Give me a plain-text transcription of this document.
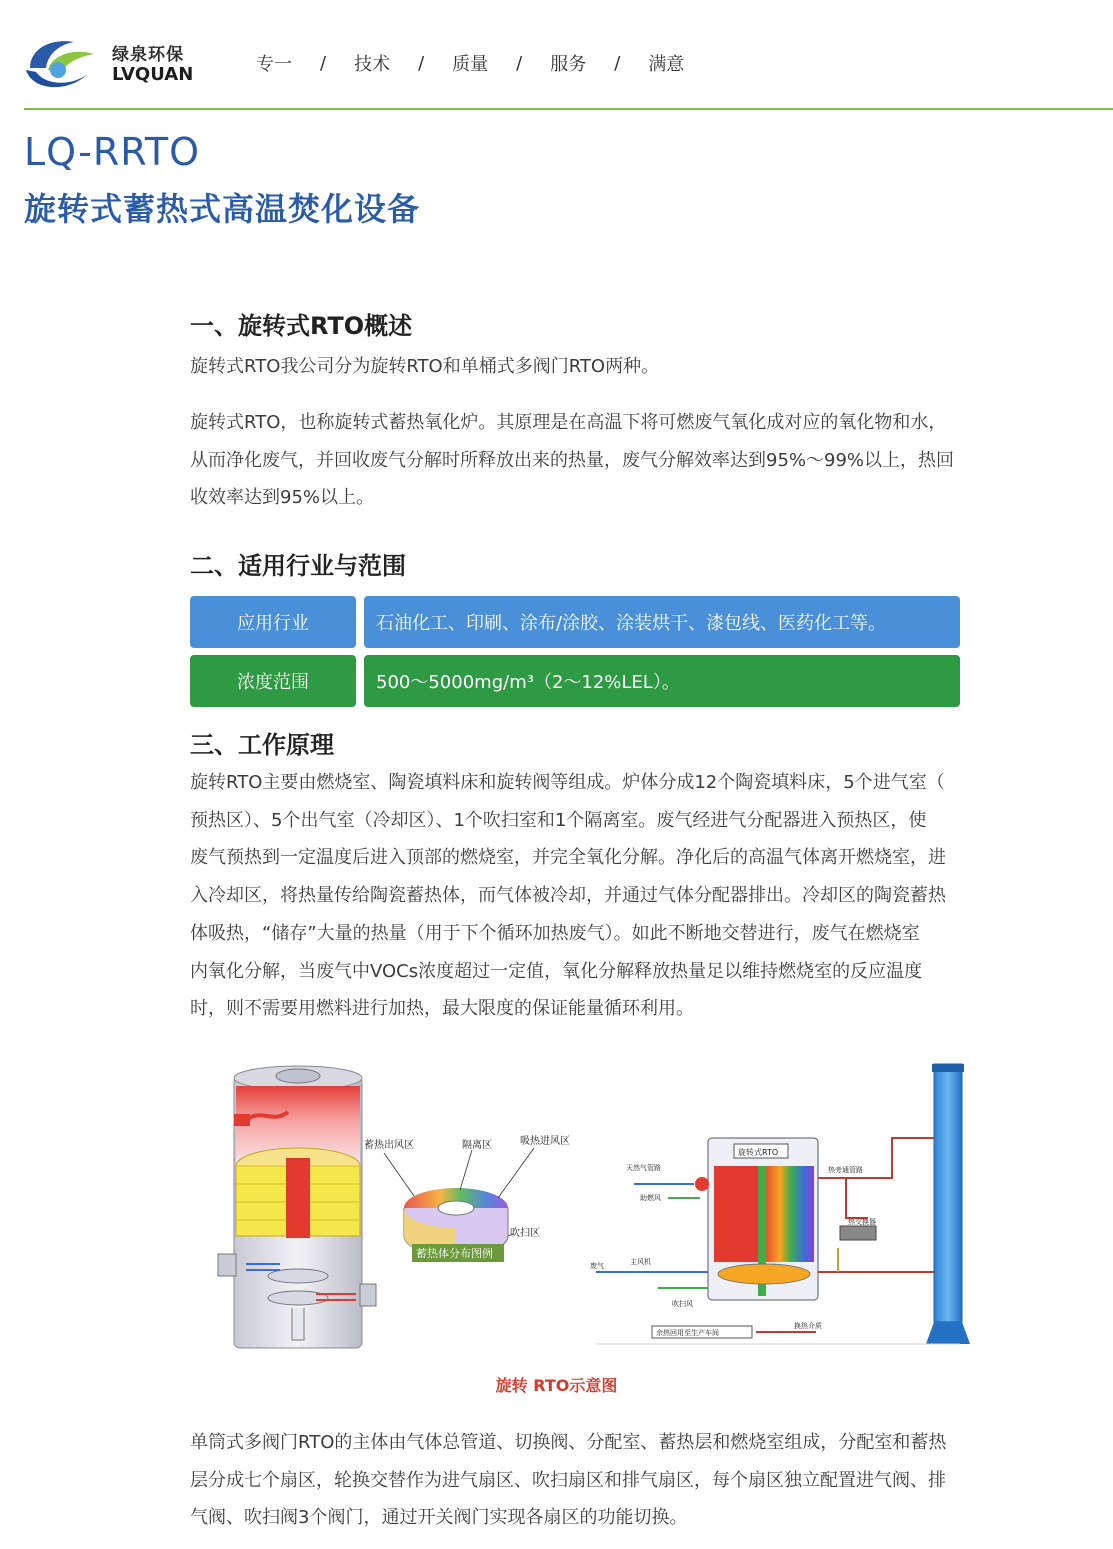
绿泉环保
LVQUAN	专一 / 技术 / 质量 / 服务 / 满意
LQ-RRTO
旋转式蓄热式高温焚化设备
一、旋转式RTO概述
旋转式RTO我公司分为旋转RTO和单桶式多阀门RTO两种。
旋转式RTO，也称旋转式蓄热氧化炉。其原理是在高温下将可燃废气氧化成对应的氧化物和水，
从而净化废气，并回收废气分解时所释放出来的热量，废气分解效率达到95%～99%以上，热回
收效率达到95%以上。
二、适用行业与范围
应用行业	石油化工、印刷、涂布/涂胶、涂装烘干、漆包线、医药化工等。
浓度范围	500～5000mg/m³（2～12%LEL）。
三、工作原理
旋转RTO主要由燃烧室、陶瓷填料床和旋转阀等组成。炉体分成12个陶瓷填料床，5个进气室（
预热区）、5个出气室（冷却区）、1个吹扫室和1个隔离室。废气经进气分配器进入预热区，使
废气预热到一定温度后进入顶部的燃烧室，并完全氧化分解。净化后的高温气体离开燃烧室，进
入冷却区，将热量传给陶瓷蓄热体，而气体被冷却，并通过气体分配器排出。冷却区的陶瓷蓄热
体吸热，“储存”大量的热量（用于下个循环加热废气）。如此不断地交替进行，废气在燃烧室
内氧化分解，当废气中VOCs浓度超过一定值，氧化分解释放热量足以维持燃烧室的反应温度
时，则不需要用燃料进行加热，最大限度的保证能量循环利用。
蓄热出风区	隔离区	吸热进风区
吹扫区
蓄热体分布图例
旋转式RTO
天然气管路
助燃风
热旁通管路
热交换器
废气	主风机
吹扫风
换热介质
余热回用至生产车间
旋转 RTO示意图
单筒式多阀门RTO的主体由气体总管道、切换阀、分配室、蓄热层和燃烧室组成，分配室和蓄热
层分成七个扇区，轮换交替作为进气扇区、吹扫扇区和排气扇区，每个扇区独立配置进气阀、排
气阀、吹扫阀3个阀门，通过开关阀门实现各扇区的功能切换。
